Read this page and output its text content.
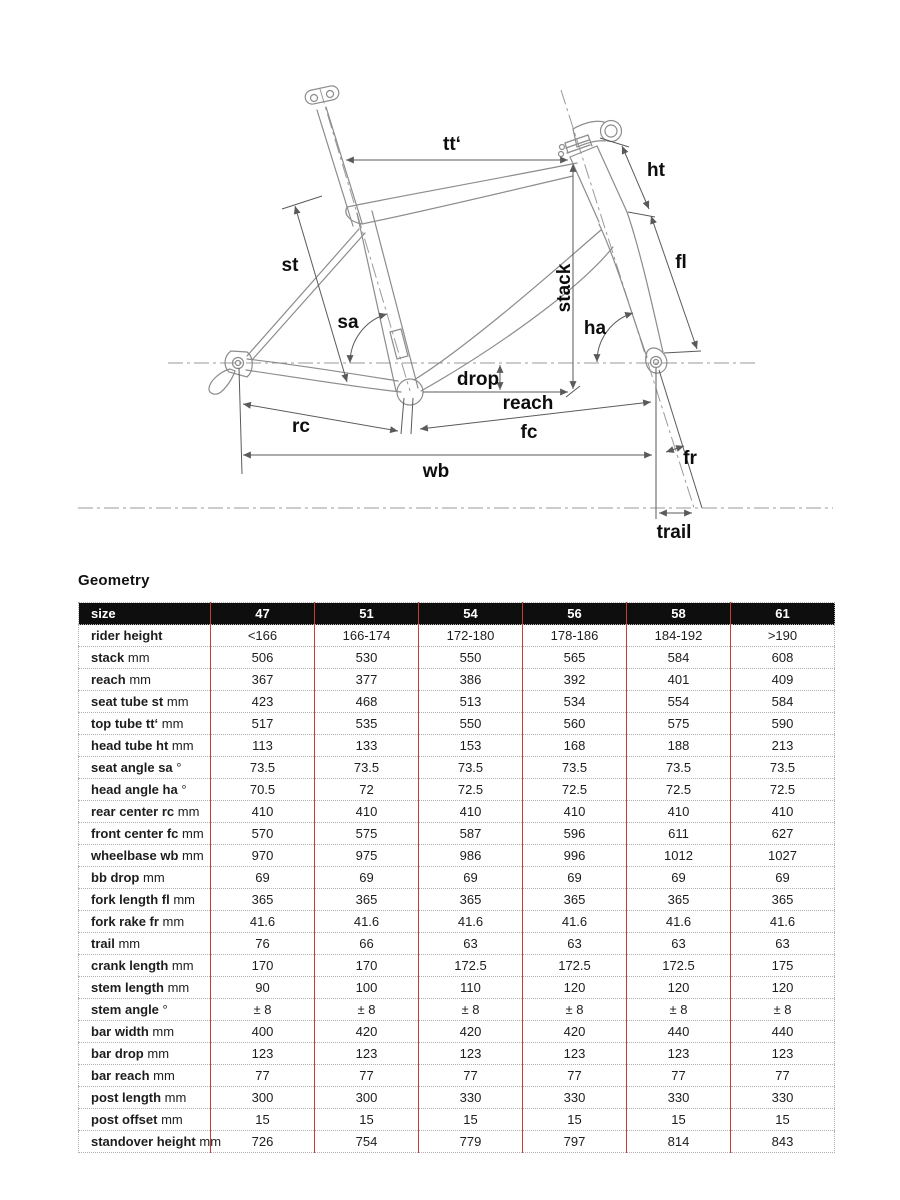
tt‘
ht
st
sa
stack
ha
fl
drop
reach
rc	fc
wb
fr
trail
Geometry
size	47	51	54	56	58	61
rider height	<166	166-174	172-180	178-186	184-192	>190
stack mm	506	530	550	565	584	608
reach mm	367	377	386	392	401	409
seat tube st mm	423	468	513	534	554	584
top tube tt‘ mm	517	535	550	560	575	590
head tube ht mm	113	133	153	168	188	213
seat angle sa °	73.5	73.5	73.5	73.5	73.5	73.5
head angle ha °	70.5	72	72.5	72.5	72.5	72.5
rear center rc mm	410	410	410	410	410	410
front center fc mm	570	575	587	596	611	627
wheelbase wb mm	970	975	986	996	1012	1027
bb drop mm	69	69	69	69	69	69
fork length fl mm	365	365	365	365	365	365
fork rake fr mm	41.6	41.6	41.6	41.6	41.6	41.6
trail mm	76	66	63	63	63	63
crank length mm	170	170	172.5	172.5	172.5	175
stem length mm	90	100	110	120	120	120
stem angle °	± 8	± 8	± 8	± 8	± 8	± 8
bar width mm	400	420	420	420	440	440
bar drop mm	123	123	123	123	123	123
bar reach mm	77	77	77	77	77	77
post length mm	300	300	330	330	330	330
post offset mm	15	15	15	15	15	15
standover height mm	726	754	779	797	814	843
